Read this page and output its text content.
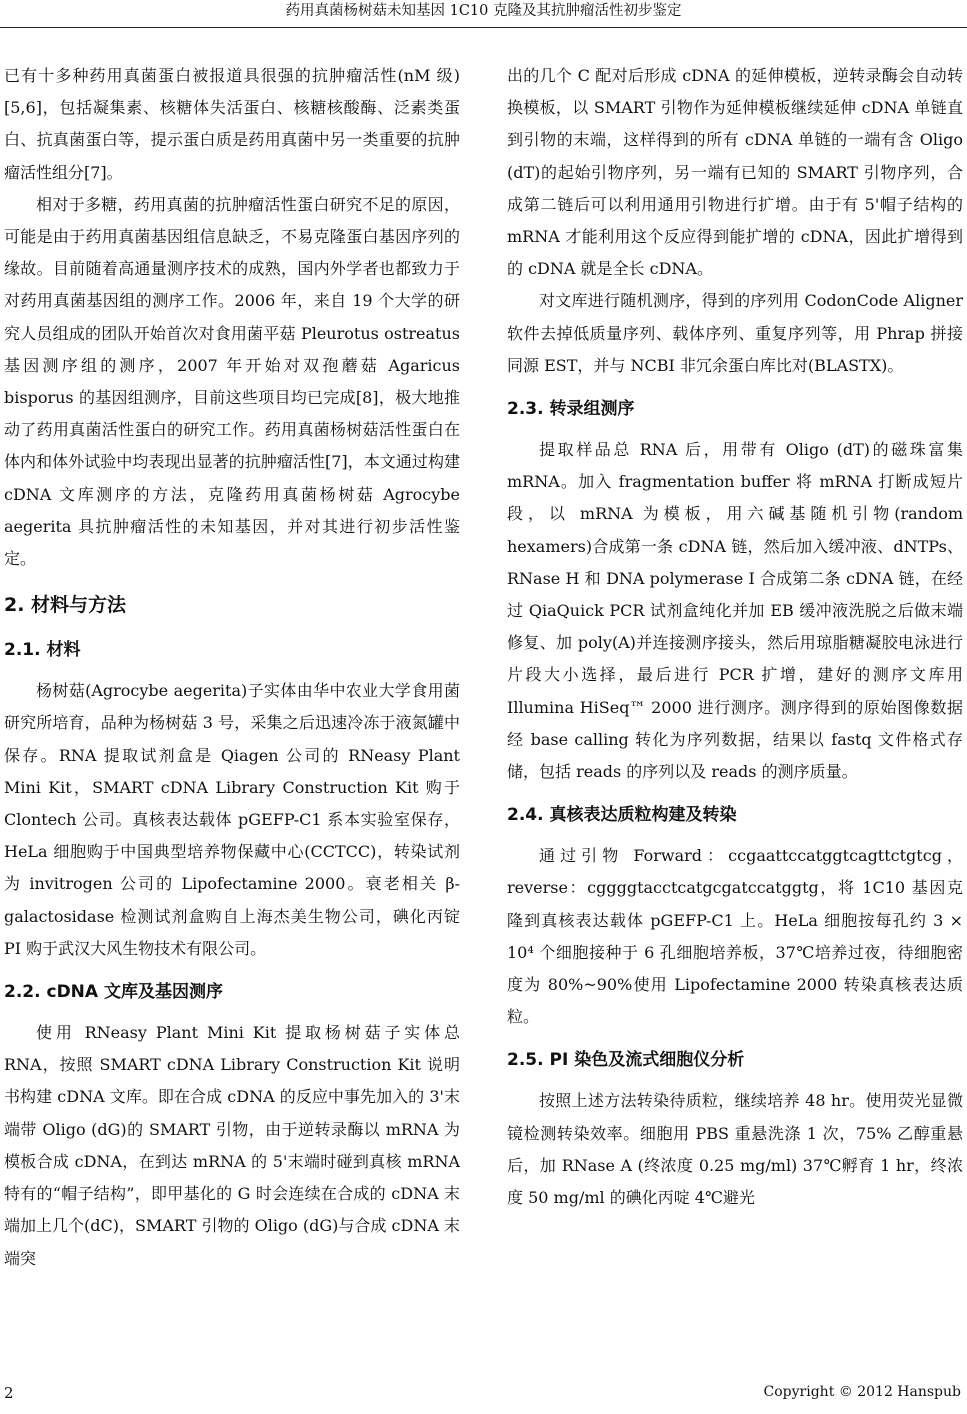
药用真菌杨树菇未知基因 1C10 克隆及其抗肿瘤活性初步鉴定

已有十多种药用真菌蛋白被报道具很强的抗肿瘤活性(nM 级)[5,6]，包括凝集素、核糖体失活蛋白、核糖核酸酶、泛素类蛋白、抗真菌蛋白等，提示蛋白质是药用真菌中另一类重要的抗肿瘤活性组分[7]。

相对于多糖，药用真菌的抗肿瘤活性蛋白研究不足的原因，可能是由于药用真菌基因组信息缺乏，不易克隆蛋白基因序列的缘故。目前随着高通量测序技术的成熟，国内外学者也都致力于对药用真菌基因组的测序工作。2006 年，来自 19 个大学的研究人员组成的团队开始首次对食用菌平菇 Pleurotus ostreatus 基因测序组的测序，2007 年开始对双孢蘑菇 Agaricus bisporus 的基因组测序，目前这些项目均已完成[8]，极大地推动了药用真菌活性蛋白的研究工作。药用真菌杨树菇活性蛋白在体内和体外试验中均表现出显著的抗肿瘤活性[7]，本文通过构建 cDNA 文库测序的方法，克隆药用真菌杨树菇 Agrocybe aegerita 具抗肿瘤活性的未知基因，并对其进行初步活性鉴定。

2. 材料与方法
2.1. 材料

杨树菇(Agrocybe aegerita)子实体由华中农业大学食用菌研究所培育，品种为杨树菇 3 号，采集之后迅速冷冻于液氮罐中保存。RNA 提取试剂盒是 Qiagen 公司的 RNeasy Plant Mini Kit，SMART cDNA Library Construction Kit 购于 Clontech 公司。真核表达载体 pGEFP-C1 系本实验室保存，HeLa 细胞购于中国典型培养物保藏中心(CCTCC)，转染试剂为 invitrogen 公司的 Lipofectamine 2000。衰老相关 β-galactosidase 检测试剂盒购自上海杰美生物公司，碘化丙锭 PI 购于武汉大风生物技术有限公司。

2.2. cDNA 文库及基因测序

使用 RNeasy Plant Mini Kit 提取杨树菇子实体总 RNA，按照 SMART cDNA Library Construction Kit 说明书构建 cDNA 文库。即在合成 cDNA 的反应中事先加入的 3'末端带 Oligo (dG)的 SMART 引物，由于逆转录酶以 mRNA 为模板合成 cDNA，在到达 mRNA 的 5'末端时碰到真核 mRNA 特有的“帽子结构”，即甲基化的 G 时会连续在合成的 cDNA 末端加上几个(dC)，SMART 引物的 Oligo (dG)与合成 cDNA 末端突

出的几个 C 配对后形成 cDNA 的延伸模板，逆转录酶会自动转换模板，以 SMART 引物作为延伸模板继续延伸 cDNA 单链直到引物的末端，这样得到的所有 cDNA 单链的一端有含 Oligo (dT)的起始引物序列，另一端有已知的 SMART 引物序列，合成第二链后可以利用通用引物进行扩增。由于有 5'帽子结构的 mRNA 才能利用这个反应得到能扩增的 cDNA，因此扩增得到的 cDNA 就是全长 cDNA。

对文库进行随机测序，得到的序列用 CodonCode Aligner 软件去掉低质量序列、载体序列、重复序列等，用 Phrap 拼接同源 EST，并与 NCBI 非冗余蛋白库比对(BLASTX)。

2.3. 转录组测序

提取样品总 RNA 后，用带有 Oligo (dT)的磁珠富集 mRNA。加入 fragmentation buffer 将 mRNA 打断成短片段，以 mRNA 为模板，用六碱基随机引物(random hexamers)合成第一条 cDNA 链，然后加入缓冲液、dNTPs、RNase H 和 DNA polymerase I 合成第二条 cDNA 链，在经过 QiaQuick PCR 试剂盒纯化并加 EB 缓冲液洗脱之后做末端修复、加 poly(A)并连接测序接头，然后用琼脂糖凝胶电泳进行片段大小选择，最后进行 PCR 扩增，建好的测序文库用 Illumina HiSeq™ 2000 进行测序。测序得到的原始图像数据经 base calling 转化为序列数据，结果以 fastq 文件格式存储，包括 reads 的序列以及 reads 的测序质量。

2.4. 真核表达质粒构建及转染

通过引物 Forward：ccgaattccatggtcagttctgtcg，reverse：cggggtacctcatgcgatccatggtg，将 1C10 基因克隆到真核表达载体 pGEFP-C1 上。HeLa 细胞按每孔约 3 × 10⁴ 个细胞接种于 6 孔细胞培养板，37℃培养过夜，待细胞密度为 80%~90%使用 Lipofectamine 2000 转染真核表达质粒。

2.5. PI 染色及流式细胞仪分析

按照上述方法转染待质粒，继续培养 48 hr。使用荧光显微镜检测转染效率。细胞用 PBS 重悬洗涤 1 次，75% 乙醇重悬后，加 RNase A (终浓度 0.25 mg/ml) 37℃孵育 1 hr，终浓度 50 mg/ml 的碘化丙啶 4℃避光

2	Copyright © 2012 Hanspub
